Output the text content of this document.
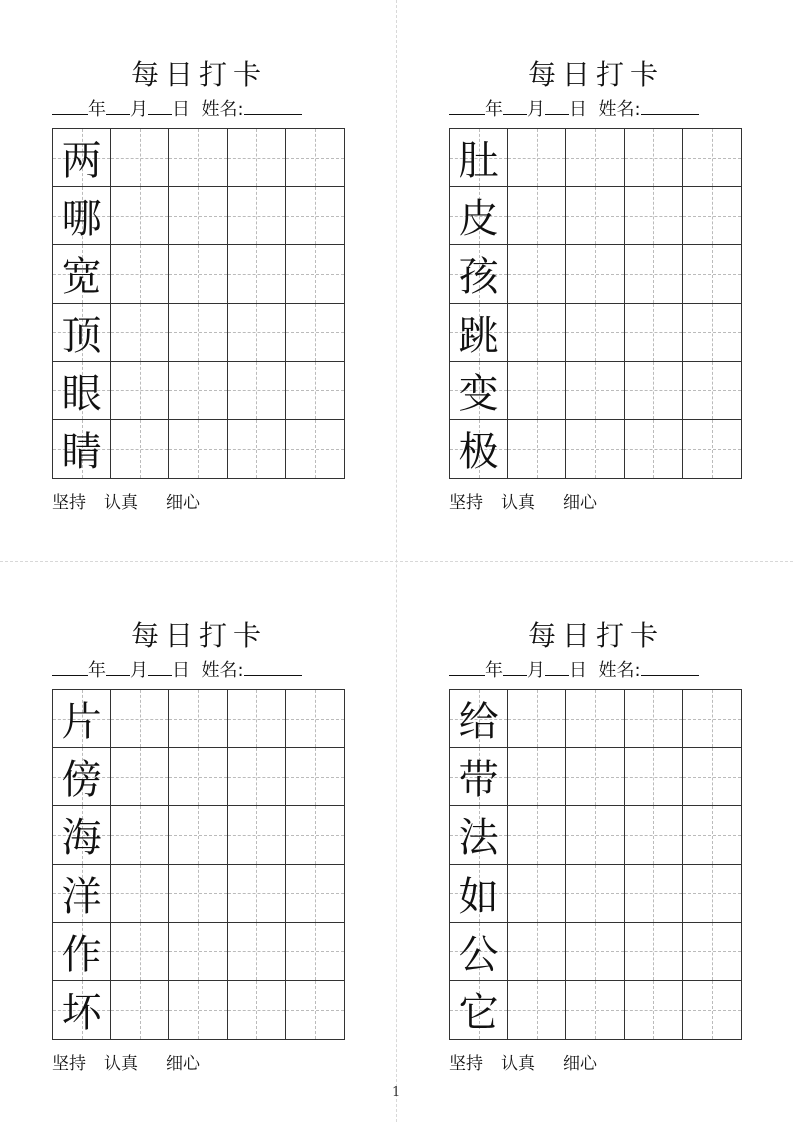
每日打卡
年 月 日 姓名:
两
哪
宽
顶
眼
睛
坚持 认真 细心
每日打卡
年 月 日 姓名:
肚
皮
孩
跳
变
极
坚持 认真 细心
每日打卡
年 月 日 姓名:
片
傍
海
洋
作
坏
坚持 认真 细心
每日打卡
年 月 日 姓名:
给
带
法
如
公
它
坚持 认真 细心
1
